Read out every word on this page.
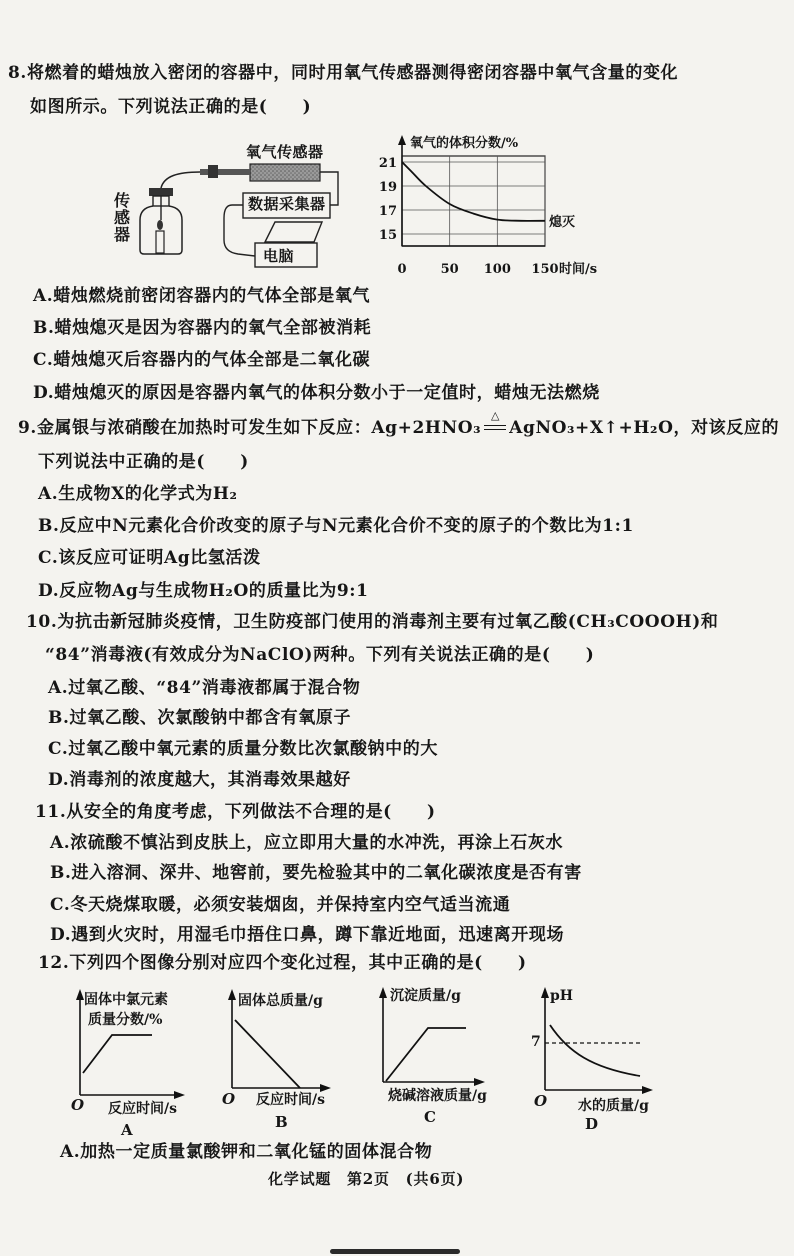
8.将燃着的蜡烛放入密闭的容器中，同时用氧气传感器测得密闭容器中氧气含量的变化
如图所示。下列说法正确的是(　　)
氧气传感器
数据采集器
电脑
传感器
21
19
17
15
0	50 100 150 时间/s
氧气的体积分数/%
熄灭
A.蜡烛燃烧前密闭容器内的气体全部是氧气
B.蜡烛熄灭是因为容器内的氧气全部被消耗
C.蜡烛熄灭后容器内的气体全部是二氧化碳
D.蜡烛熄灭的原因是容器内氧气的体积分数小于一定值时，蜡烛无法燃烧
9.金属银与浓硝酸在加热时可发生如下反应：Ag+2HNO₃
△
AgNO₃+X↑+H₂O，对该反应的
下列说法中正确的是(　　)
A.生成物X的化学式为H₂
B.反应中N元素化合价改变的原子与N元素化合价不变的原子的个数比为1:1
C.该反应可证明Ag比氢活泼
D.反应物Ag与生成物H₂O的质量比为9:1
10.为抗击新冠肺炎疫情，卫生防疫部门使用的消毒剂主要有过氧乙酸(CH₃COOOH)和
“84”消毒液(有效成分为NaClO)两种。下列有关说法正确的是(　　)
A.过氧乙酸、“84”消毒液都属于混合物
B.过氧乙酸、次氯酸钠中都含有氧原子
C.过氧乙酸中氧元素的质量分数比次氯酸钠中的大
D.消毒剂的浓度越大，其消毒效果越好
11.从安全的角度考虑，下列做法不合理的是(　　)
A.浓硫酸不慎沾到皮肤上，应立即用大量的水冲洗，再涂上石灰水
B.进入溶洞、深井、地窖前，要先检验其中的二氧化碳浓度是否有害
C.冬天烧煤取暖，必须安装烟囱，并保持室内空气适当流通
D.遇到火灾时，用湿毛巾捂住口鼻，蹲下靠近地面，迅速离开现场
12.下列四个图像分别对应四个变化过程，其中正确的是(　　)
固体中氯元素
质量分数/%
O 反应时间/s
A
固体总质量/g
O 反应时间/s
B
沉淀质量/g
烧碱溶液质量/g
C
pH
7
O 水的质量/g
D
A.加热一定质量氯酸钾和二氧化锰的固体混合物
化学试题　第2页　(共6页)
